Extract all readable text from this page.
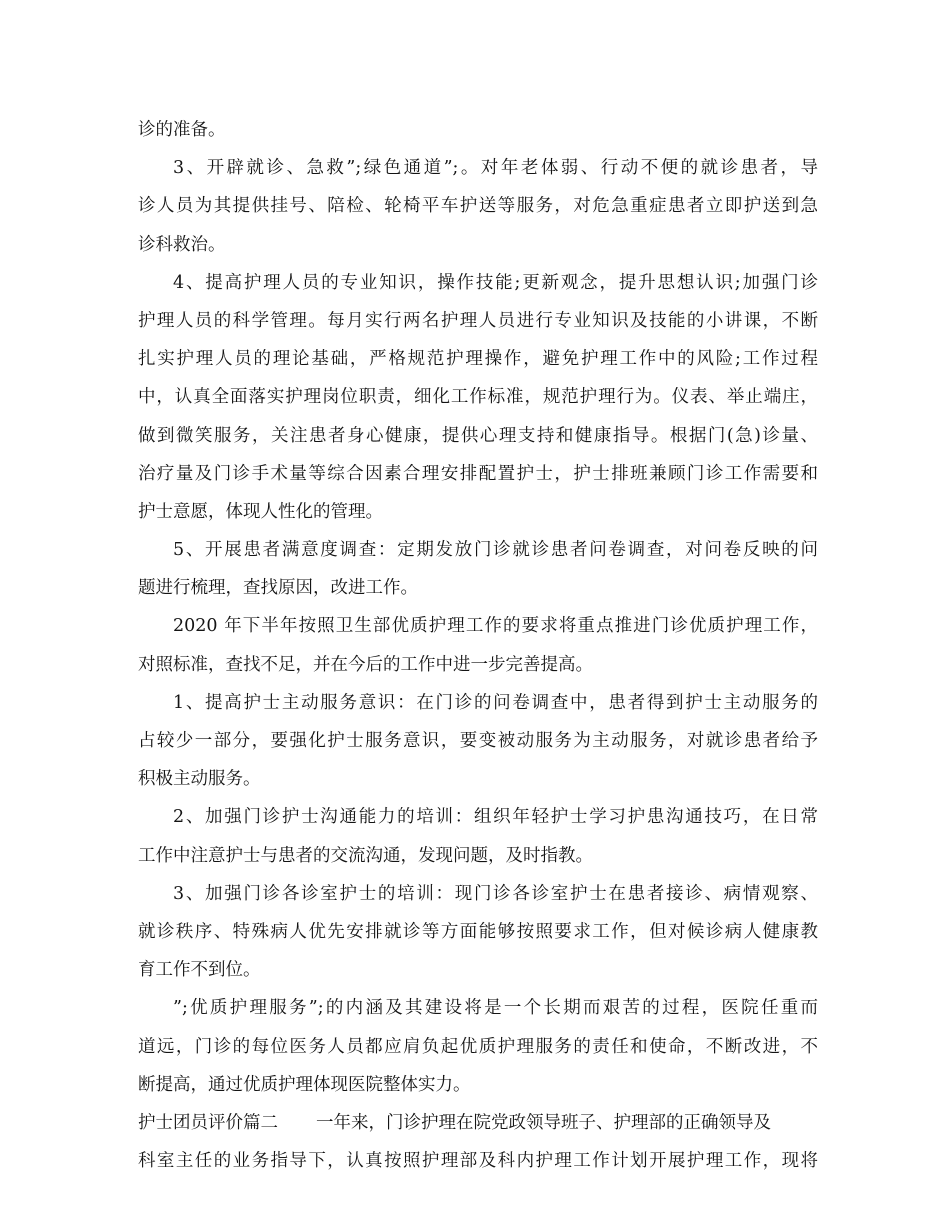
诊的准备。
3、开辟就诊、急救”;绿色通道”;。对年老体弱、行动不便的就诊患者，导
诊人员为其提供挂号、陪检、轮椅平车护送等服务，对危急重症患者立即护送到急
诊科救治。
4、提高护理人员的专业知识，操作技能;更新观念，提升思想认识;加强门诊
护理人员的科学管理。每月实行两名护理人员进行专业知识及技能的小讲课，不断
扎实护理人员的理论基础，严格规范护理操作，避免护理工作中的风险;工作过程
中，认真全面落实护理岗位职责，细化工作标准，规范护理行为。仪表、举止端庄，
做到微笑服务，关注患者身心健康，提供心理支持和健康指导。根据门(急)诊量、
治疗量及门诊手术量等综合因素合理安排配置护士，护士排班兼顾门诊工作需要和
护士意愿，体现人性化的管理。
5、开展患者满意度调查：定期发放门诊就诊患者问卷调查，对问卷反映的问
题进行梳理，查找原因，改进工作。
2020 年下半年按照卫生部优质护理工作的要求将重点推进门诊优质护理工作，
对照标准，查找不足，并在今后的工作中进一步完善提高。
1、提高护士主动服务意识：在门诊的问卷调查中，患者得到护士主动服务的
占较少一部分，要强化护士服务意识，要变被动服务为主动服务，对就诊患者给予
积极主动服务。
2、加强门诊护士沟通能力的培训：组织年轻护士学习护患沟通技巧，在日常
工作中注意护士与患者的交流沟通，发现问题，及时指教。
3、加强门诊各诊室护士的培训：现门诊各诊室护士在患者接诊、病情观察、
就诊秩序、特殊病人优先安排就诊等方面能够按照要求工作，但对候诊病人健康教
育工作不到位。
”;优质护理服务”;的内涵及其建设将是一个长期而艰苦的过程，医院任重而
道远，门诊的每位医务人员都应肩负起优质护理服务的责任和使命，不断改进，不
断提高，通过优质护理体现医院整体实力。
护士团员评价篇二 一年来，门诊护理在院党政领导班子、护理部的正确领导及
科室主任的业务指导下，认真按照护理部及科内护理工作计划开展护理工作，现将
